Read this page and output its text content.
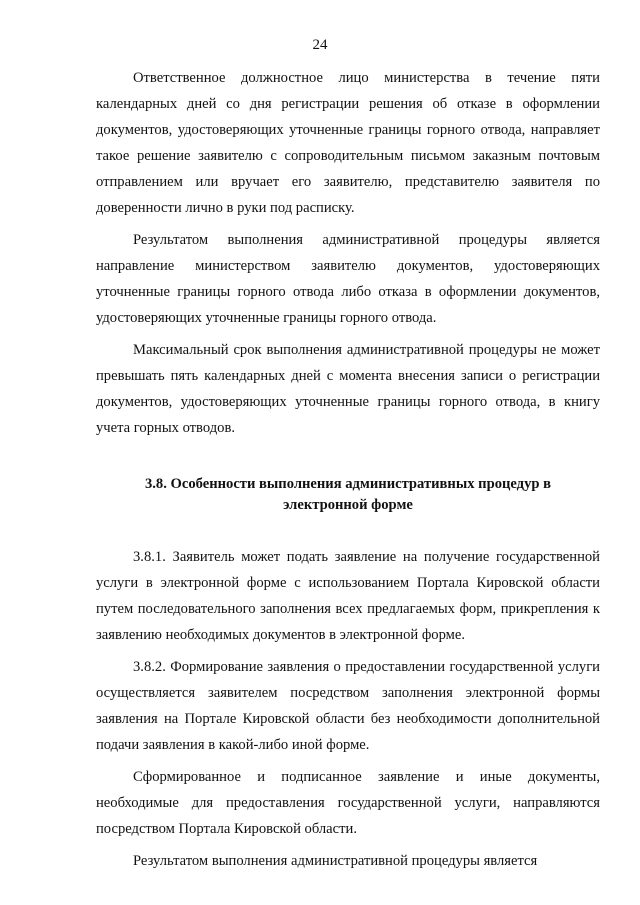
24

Ответственное должностное лицо министерства в течение пяти календарных дней со дня регистрации решения об отказе в оформлении документов, удостоверяющих уточненные границы горного отвода, направляет такое решение заявителю с сопроводительным письмом заказным почтовым отправлением или вручает его заявителю, представителю заявителя по доверенности лично в руки под расписку.

Результатом выполнения административной процедуры является направление министерством заявителю документов, удостоверяющих уточненные границы горного отвода либо отказа в оформлении документов, удостоверяющих уточненные границы горного отвода.

Максимальный срок выполнения административной процедуры не может превышать пять календарных дней с момента внесения записи о регистрации документов, удостоверяющих уточненные границы горного отвода, в книгу учета горных отводов.

3.8. Особенности выполнения административных процедур в
электронной форме

3.8.1. Заявитель может подать заявление на получение государственной услуги в электронной форме с использованием Портала Кировской области путем последовательного заполнения всех предлагаемых форм, прикрепления к заявлению необходимых документов в электронной форме.

3.8.2. Формирование заявления о предоставлении государственной услуги осуществляется заявителем посредством заполнения электронной формы заявления на Портале Кировской области без необходимости дополнительной подачи заявления в какой-либо иной форме.

Сформированное и подписанное заявление и иные документы, необходимые для предоставления государственной услуги, направляются посредством Портала Кировской области.

Результатом выполнения административной процедуры является
